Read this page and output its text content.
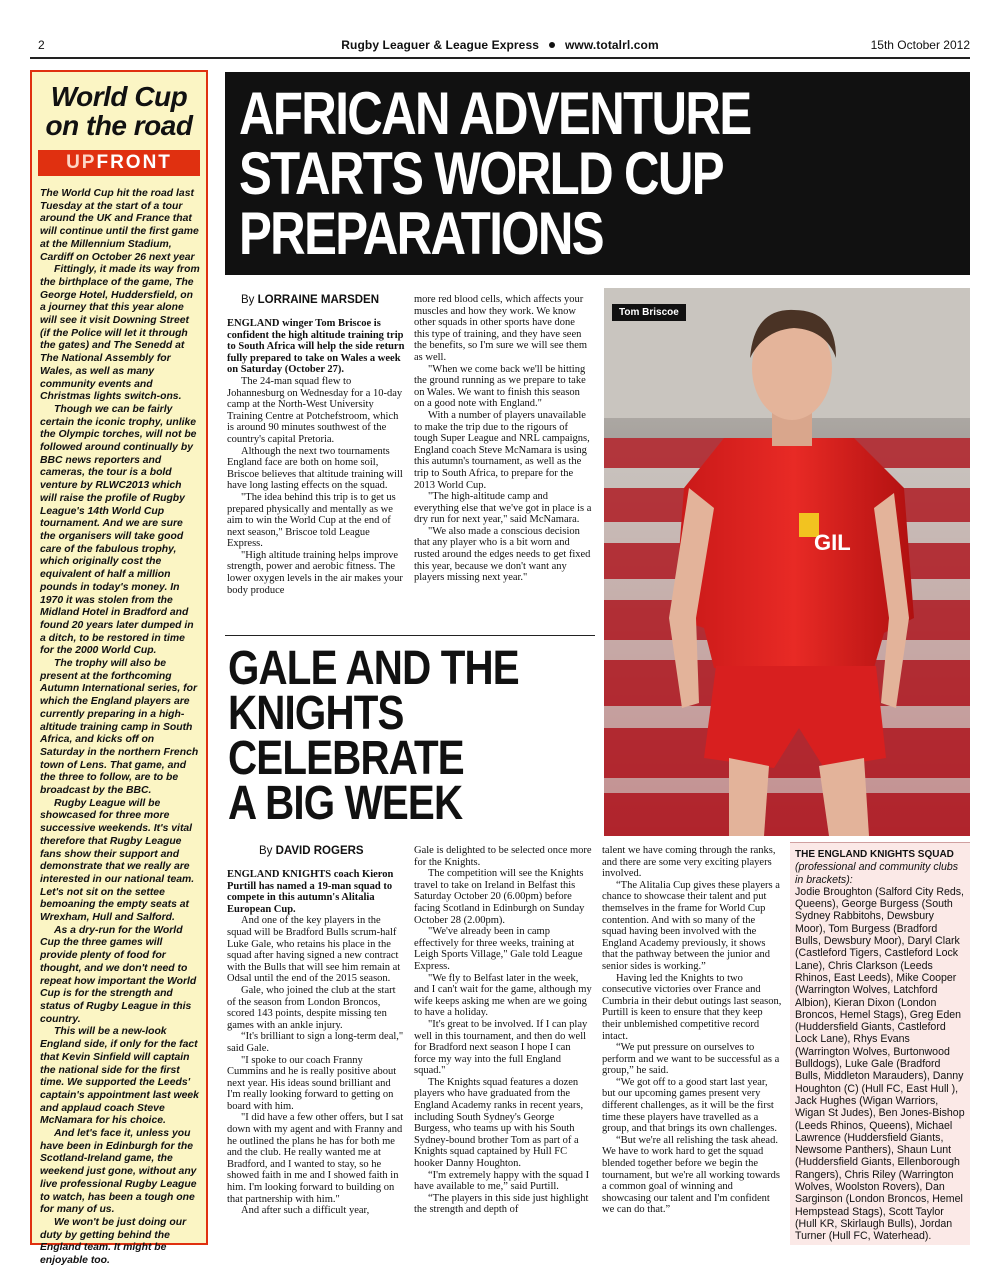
2	Rugby Leaguer & League Express www.totalrl.com	15th October 2012
World Cup
on the road
UPFRONT

The World Cup hit the road last Tuesday at the start of a tour around the UK and France that will continue until the first game at the Millennium Stadium, Cardiff on October 26 next year

Fittingly, it made its way from the birthplace of the game, The George Hotel, Huddersfield, on a journey that this year alone will see it visit Downing Street (if the Police will let it through the gates) and The Senedd at The National Assembly for Wales, as well as many community events and Christmas lights switch-ons.

Though we can be fairly certain the iconic trophy, unlike the Olympic torches, will not be followed around continually by BBC news reporters and cameras, the tour is a bold venture by RLWC2013 which will raise the profile of Rugby League's 14th World Cup tournament. And we are sure the organisers will take good care of the fabulous trophy, which originally cost the equivalent of half a million pounds in today's money. In 1970 it was stolen from the Midland Hotel in Bradford and found 20 years later dumped in a ditch, to be restored in time for the 2000 World Cup.

The trophy will also be present at the forthcoming Autumn International series, for which the England players are currently preparing in a high-altitude training camp in South Africa, and kicks off on Saturday in the northern French town of Lens. That game, and the three to follow, are to be broadcast by the BBC.

Rugby League will be showcased for three more successive weekends. It's vital therefore that Rugby League fans show their support and demonstrate that we really are interested in our national team. Let's not sit on the settee bemoaning the empty seats at Wrexham, Hull and Salford.

As a dry-run for the World Cup the three games will provide plenty of food for thought, and we don't need to repeat how important the World Cup is for the strength and status of Rugby League in this country.

This will be a new-look England side, if only for the fact that Kevin Sinfield will captain the national side for the first time. We supported the Leeds' captain's appointment last week and applaud coach Steve McNamara for his choice.

And let's face it, unless you have been in Edinburgh for the Scotland-Ireland game, the weekend just gone, without any live professional Rugby League to watch, has been a tough one for many of us.

We won't be just doing our duty by getting behind the England team. It might be enjoyable too.

AFRICAN ADVENTURE
STARTS WORLD CUP
PREPARATIONS
By LORRAINE MARSDEN

ENGLAND winger Tom Briscoe is confident the high altitude training trip to South Africa will help the side return fully prepared to take on Wales a week on Saturday (October 27).

The 24-man squad flew to Johannesburg on Wednesday for a 10-day camp at the North-West University Training Centre at Potchefstroom, which is around 90 minutes southwest of the country's capital Pretoria.

Although the next two tournaments England face are both on home soil, Briscoe believes that altitude training will have long lasting effects on the squad.

"The idea behind this trip is to get us prepared physically and mentally as we aim to win the World Cup at the end of next season," Briscoe told League Express.

"High altitude training helps improve strength, power and aerobic fitness. The lower oxygen levels in the air makes your body produce

more red blood cells, which affects your muscles and how they work. We know other squads in other sports have done this type of training, and they have seen the benefits, so I'm sure we will see them as well.

"When we come back we'll be hitting the ground running as we prepare to take on Wales. We want to finish this season on a good note with England."

With a number of players unavailable to make the trip due to the rigours of tough Super League and NRL campaigns, England coach Steve McNamara is using this autumn's tournament, as well as the trip to South Africa, to prepare for the 2013 World Cup.

"The high-altitude camp and everything else that we've got in place is a dry run for next year," said McNamara.

"We also made a conscious decision that any player who is a bit worn and rusted around the edges needs to get fixed this year, because we don't want any players missing next year."

GIL
Tom Briscoe
GALE AND THE
KNIGHTS
CELEBRATE
A BIG WEEK
By DAVID ROGERS

ENGLAND KNIGHTS coach Kieron Purtill has named a 19-man squad to compete in this autumn's Alitalia European Cup.

And one of the key players in the squad will be Bradford Bulls scrum-half Luke Gale, who retains his place in the squad after having signed a new contract with the Bulls that will see him remain at Odsal until the end of the 2015 season.

Gale, who joined the club at the start of the season from London Broncos, scored 143 points, despite missing ten games with an ankle injury.

“It's brilliant to sign a long-term deal," said Gale.

"I spoke to our coach Franny Cummins and he is really positive about next year. His ideas sound brilliant and I'm really looking forward to getting on board with him.

"I did have a few other offers, but I sat down with my agent and with Franny and he outlined the plans he has for both me and the club. He really wanted me at Bradford, and I wanted to stay, so he showed faith in me and I showed faith in him. I'm looking forward to building on that partnership with him."

And after such a difficult year,

Gale is delighted to be selected once more for the Knights.

The competition will see the Knights travel to take on Ireland in Belfast this Saturday October 20 (6.00pm) before facing Scotland in Edinburgh on Sunday October 28 (2.00pm).

"We've already been in camp effectively for three weeks, training at Leigh Sports Village," Gale told League Express.

"We fly to Belfast later in the week, and I can't wait for the game, although my wife keeps asking me when are we going to have a holiday.

"It's great to be involved. If I can play well in this tournament, and then do well for Bradford next season I hope I can force my way into the full England squad."

The Knights squad features a dozen players who have graduated from the England Academy ranks in recent years, including South Sydney's George Burgess, who teams up with his South Sydney-bound brother Tom as part of a Knights squad captained by Hull FC hooker Danny Houghton.

“I'm extremely happy with the squad I have available to me,” said Purtill.

“The players in this side just highlight the strength and depth of

talent we have coming through the ranks, and there are some very exciting players involved.

“The Alitalia Cup gives these players a chance to showcase their talent and put themselves in the frame for World Cup contention. And with so many of the squad having been involved with the England Academy previously, it shows that the pathway between the junior and senior sides is working.”

Having led the Knights to two consecutive victories over France and Cumbria in their debut outings last season, Purtill is keen to ensure that they keep their unblemished competitive record intact.

“We put pressure on ourselves to perform and we want to be successful as a group,” he said.

“We got off to a good start last year, but our upcoming games present very different challenges, as it will be the first time these players have travelled as a group, and that brings its own challenges.

“But we're all relishing the task ahead. We have to work hard to get the squad blended together before we begin the tournament, but we're all working towards a common goal of winning and showcasing our talent and I'm confident we can do that.”

THE ENGLAND KNIGHTS SQUAD
(professional and community clubs in brackets):
Jodie Broughton (Salford City Reds, Queens), George Burgess (South Sydney Rabbitohs, Dewsbury Moor), Tom Burgess (Bradford Bulls, Dewsbury Moor), Daryl Clark (Castleford Tigers, Castleford Lock Lane), Chris Clarkson (Leeds Rhinos, East Leeds), Mike Cooper (Warrington Wolves, Latchford Albion), Kieran Dixon (London Broncos, Hemel Stags), Greg Eden (Huddersfield Giants, Castleford Lock Lane), Rhys Evans (Warrington Wolves, Burtonwood Bulldogs), Luke Gale (Bradford Bulls, Middleton Marauders), Danny Houghton (C) (Hull FC, East Hull ), Jack Hughes (Wigan Warriors, Wigan St Judes), Ben Jones-Bishop (Leeds Rhinos, Queens), Michael Lawrence (Huddersfield Giants, Newsome Panthers), Shaun Lunt (Huddersfield Giants, Ellenborough Rangers), Chris Riley (Warrington Wolves, Woolston Rovers), Dan Sarginson (London Broncos, Hemel Hempstead Stags), Scott Taylor (Hull KR, Skirlaugh Bulls), Jordan Turner (Hull FC, Waterhead).
